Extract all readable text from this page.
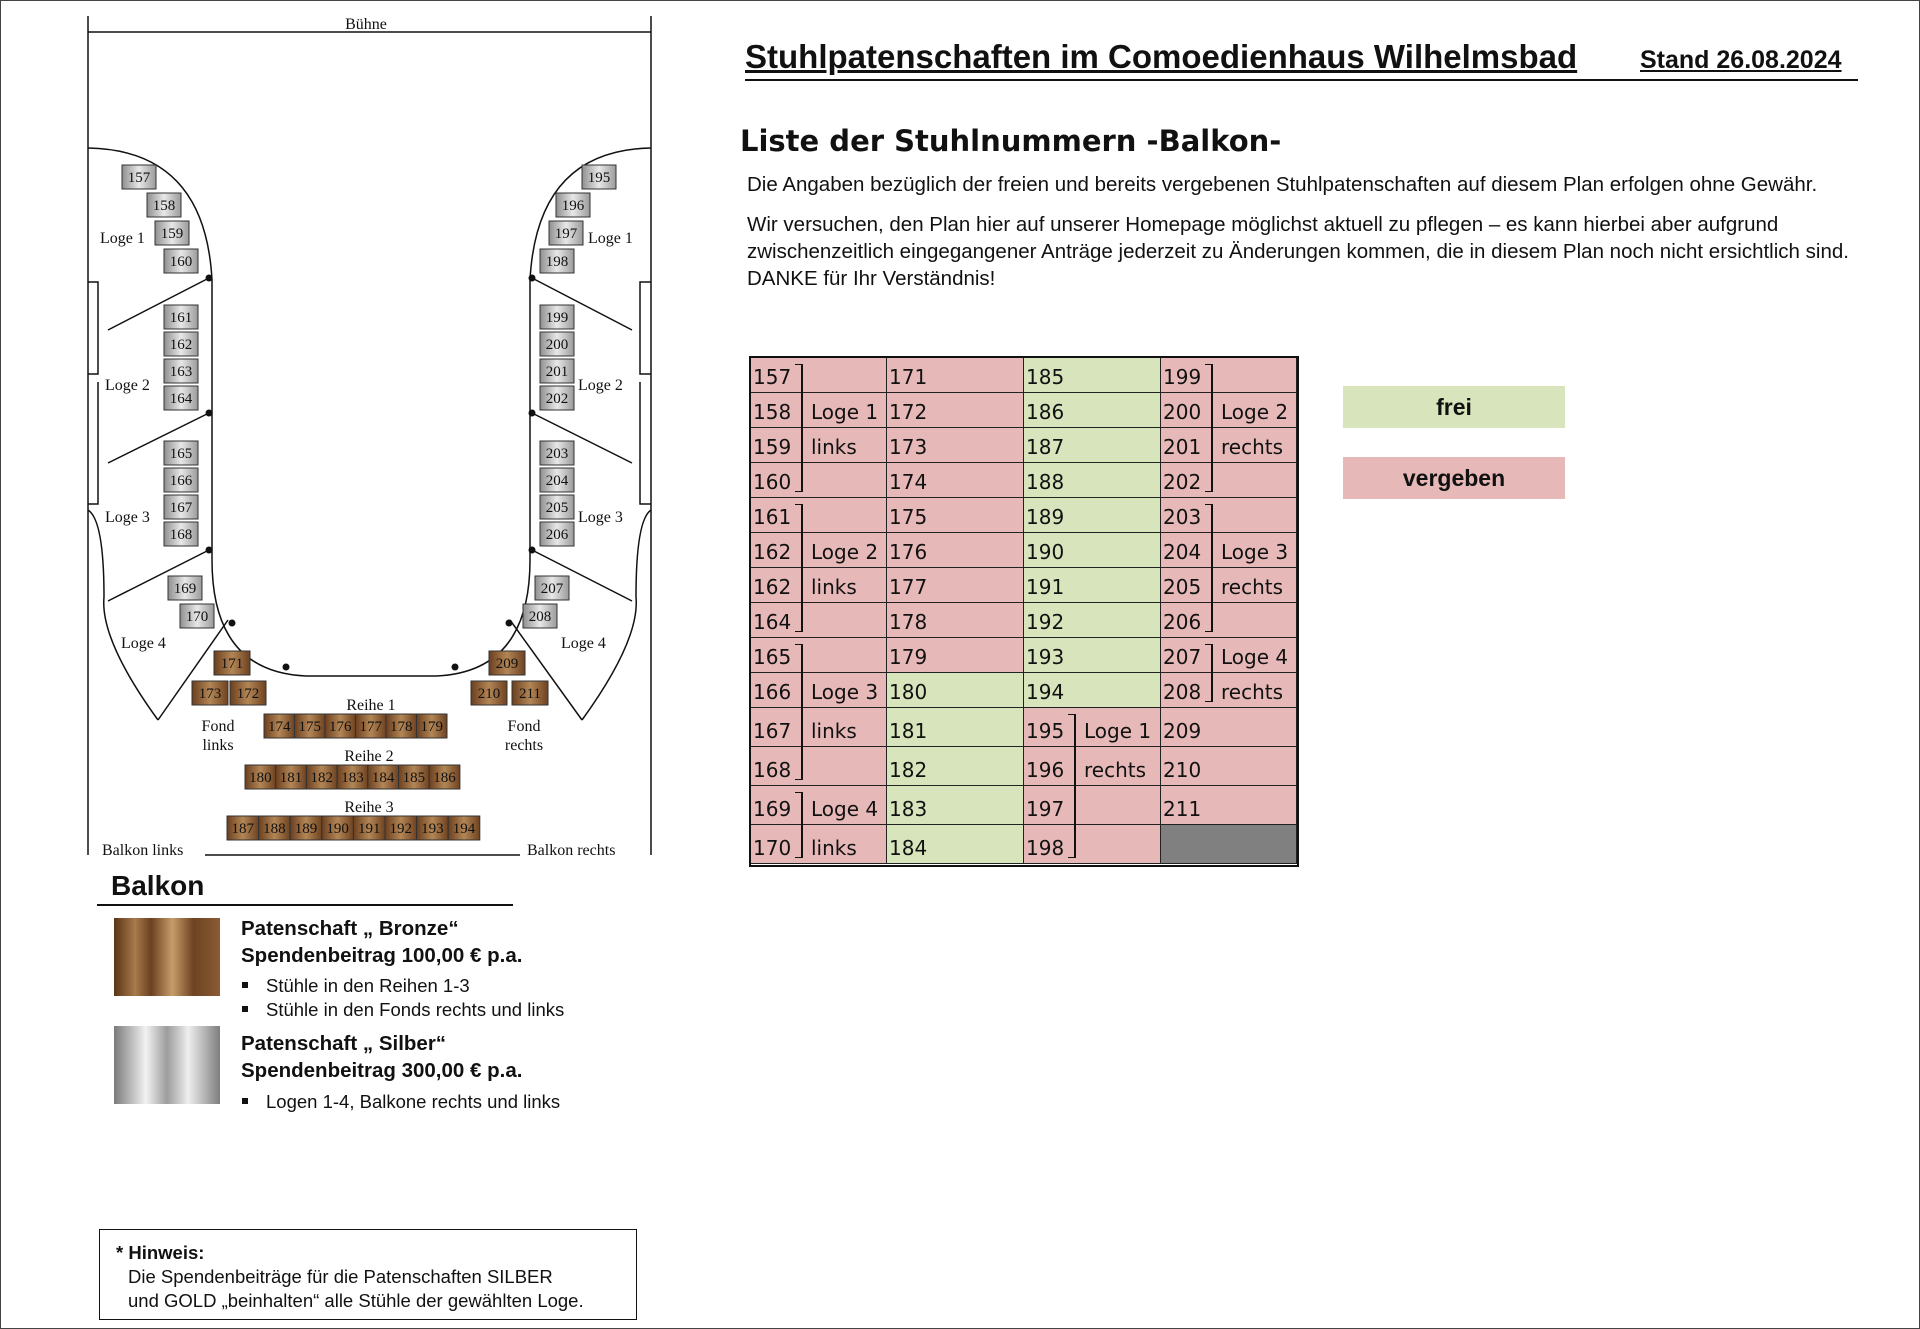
Bühne
Loge 1
Loge 2
Loge 3
Loge 4
Loge 1
Loge 2
Loge 3
Loge 4
Fond
links
Fond
rechts
Reihe 1
Reihe 2
Reihe 3
Balkon links	Balkon rechts
157
158
159
160
161
162
163
164
165
166
167
168
169
170
195
196
197
198
199
200
201
202
203
204
205
206
207
208
171
173 172
209
210 211
174 175 176 177 178 179
180 181 182 183 184 185 186
187 188 189 190 191 192 193 194
Stuhlpatenschaften im Comoedienhaus Wilhelmsbad	Stand 26.08.2024
Liste der Stuhlnummern -Balkon-
Die Angaben bezüglich der freien und bereits vergebenen Stuhlpatenschaften auf diesem Plan erfolgen ohne Gewähr.
Wir versuchen, den Plan hier auf unserer Homepage möglichst aktuell zu pflegen – es kann hierbei aber aufgrund zwischenzeitlich eingegangener Anträge jederzeit zu Änderungen kommen, die in diesem Plan noch nicht ersichtlich sind. DANKE für Ihr Verständnis!
157
158 Loge 1
159 links
160
161
162 Loge 2
162 links
164
165
166 Loge 3
167 links
168
169 Loge 4
170 links
171
172
173
174
175
176
177
178
179
180
181
182
183
184
185
186
187
188
189
190
191
192
193
194
195 Loge 1
196 rechts
197
198
199
200 Loge 2
201 rechts
202
203
204 Loge 3
205 rechts
206
207 Loge 4
208 rechts
209
210
211
frei
vergeben
Balkon
Patenschaft „ Bronze“
Spendenbeitrag 100,00 € p.a.
Stühle in den Reihen 1-3
Stühle in den Fonds rechts und links
Patenschaft „ Silber“
Spendenbeitrag 300,00 € p.a.
Logen 1-4, Balkone rechts und links
* Hinweis:
Die Spendenbeiträge für die Patenschaften SILBER
und GOLD „beinhalten“ alle Stühle der gewählten Loge.
